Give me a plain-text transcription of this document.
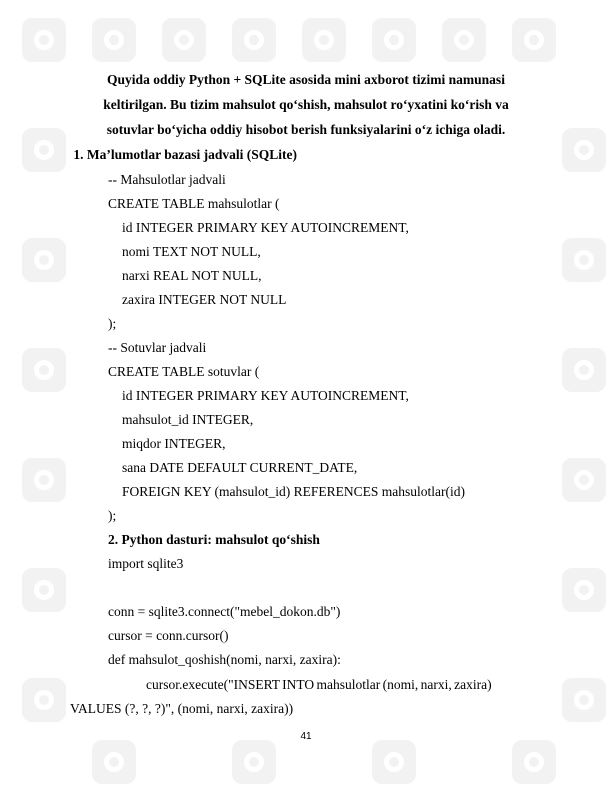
Quyida oddiy Python + SQLite asosida mini axborot tizimi namunasi
keltirilgan. Bu tizim mahsulot qo‘shish, mahsulot ro‘yxatini ko‘rish va
sotuvlar bo‘yicha oddiy hisobot berish funksiyalarini o‘z ichiga oladi.
1. Ma’lumotlar bazasi jadvali (SQLite)
-- Mahsulotlar jadvali
CREATE TABLE mahsulotlar (
id INTEGER PRIMARY KEY AUTOINCREMENT,
nomi TEXT NOT NULL,
narxi REAL NOT NULL,
zaxira INTEGER NOT NULL
);
-- Sotuvlar jadvali
CREATE TABLE sotuvlar (
id INTEGER PRIMARY KEY AUTOINCREMENT,
mahsulot_id INTEGER,
miqdor INTEGER,
sana DATE DEFAULT CURRENT_DATE,
FOREIGN KEY (mahsulot_id) REFERENCES mahsulotlar(id)
);
2. Python dasturi: mahsulot qo‘shish
import sqlite3
conn = sqlite3.connect("mebel_dokon.db")
cursor = conn.cursor()
def mahsulot_qoshish(nomi, narxi, zaxira):
cursor.execute("INSERT INTO mahsulotlar (nomi, narxi, zaxira)
VALUES (?, ?, ?)", (nomi, narxi, zaxira))
41
